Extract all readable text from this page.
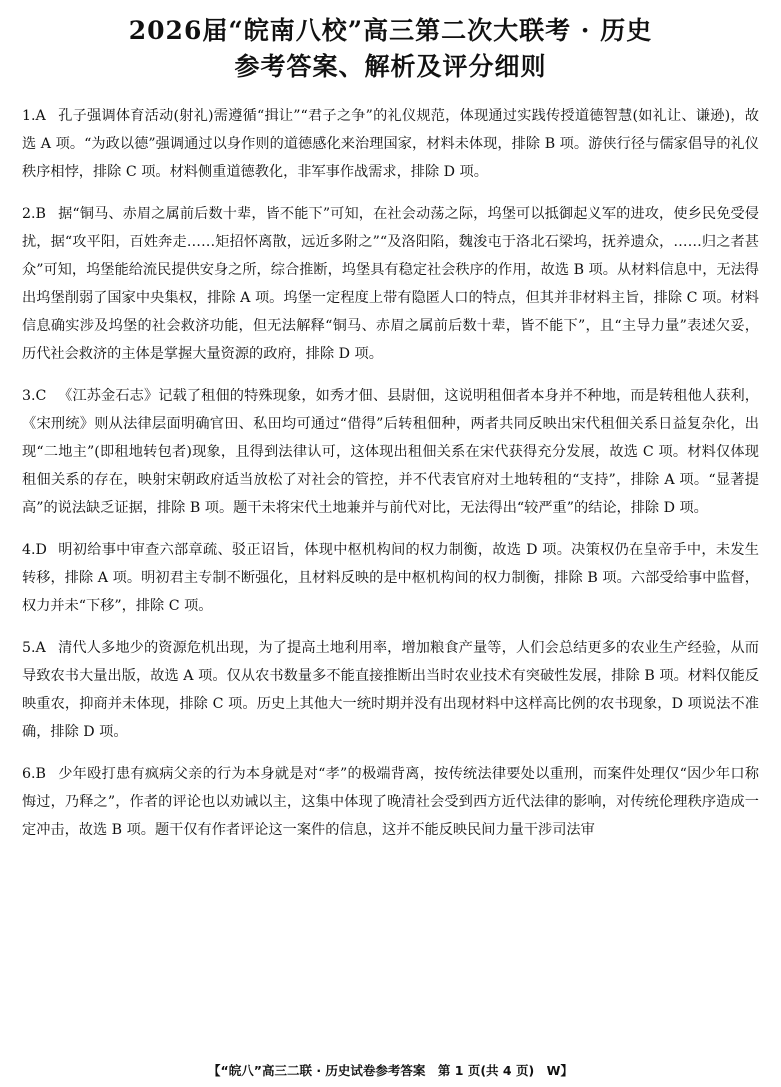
2026届“皖南八校”高三第二次大联考 · 历史
参考答案、解析及评分细则

1.A 孔子强调体育活动(射礼)需遵循“揖让”“君子之争”的礼仪规范，体现通过实践传授道德智慧(如礼让、谦逊)，故选 A 项。“为政以德”强调通过以身作则的道德感化来治理国家，材料未体现，排除 B 项。游侠行径与儒家倡导的礼仪秩序相悖，排除 C 项。材料侧重道德教化，非军事作战需求，排除 D 项。

2.B 据“铜马、赤眉之属前后数十辈，皆不能下”可知，在社会动荡之际，坞堡可以抵御起义军的进攻，使乡民免受侵扰，据“攻平阳，百姓奔走……矩招怀离散，远近多附之”“及洛阳陷，魏浚屯于洛北石梁坞，抚养遗众，……归之者甚众”可知，坞堡能给流民提供安身之所，综合推断，坞堡具有稳定社会秩序的作用，故选 B 项。从材料信息中，无法得出坞堡削弱了国家中央集权，排除 A 项。坞堡一定程度上带有隐匿人口的特点，但其并非材料主旨，排除 C 项。材料信息确实涉及坞堡的社会救济功能，但无法解释“铜马、赤眉之属前后数十辈，皆不能下”，且“主导力量”表述欠妥，历代社会救济的主体是掌握大量资源的政府，排除 D 项。

3.C 《江苏金石志》记载了租佃的特殊现象，如秀才佃、县尉佃，这说明租佃者本身并不种地，而是转租他人获利，《宋刑统》则从法律层面明确官田、私田均可通过“借得”后转租佃种，两者共同反映出宋代租佃关系日益复杂化，出现“二地主”(即租地转包者)现象，且得到法律认可，这体现出租佃关系在宋代获得充分发展，故选 C 项。材料仅体现租佃关系的存在，映射宋朝政府适当放松了对社会的管控，并不代表官府对土地转租的“支持”，排除 A 项。“显著提高”的说法缺乏证据，排除 B 项。题干未将宋代土地兼并与前代对比，无法得出“较严重”的结论，排除 D 项。

4.D 明初给事中审查六部章疏、驳正诏旨，体现中枢机构间的权力制衡，故选 D 项。决策权仍在皇帝手中，未发生转移，排除 A 项。明初君主专制不断强化，且材料反映的是中枢机构间的权力制衡，排除 B 项。六部受给事中监督，权力并未“下移”，排除 C 项。

5.A 清代人多地少的资源危机出现，为了提高土地利用率，增加粮食产量等，人们会总结更多的农业生产经验，从而导致农书大量出版，故选 A 项。仅从农书数量多不能直接推断出当时农业技术有突破性发展，排除 B 项。材料仅能反映重农，抑商并未体现，排除 C 项。历史上其他大一统时期并没有出现材料中这样高比例的农书现象，D 项说法不准确，排除 D 项。

6.B 少年殴打患有疯病父亲的行为本身就是对“孝”的极端背离，按传统法律要处以重刑，而案件处理仅“因少年口称悔过，乃释之”，作者的评论也以劝诫以主，这集中体现了晚清社会受到西方近代法律的影响，对传统伦理秩序造成一定冲击，故选 B 项。题干仅有作者评论这一案件的信息，这并不能反映民间力量干涉司法审

【“皖八”高三二联 · 历史试卷参考答案　第 1 页(共 4 页)　W】
